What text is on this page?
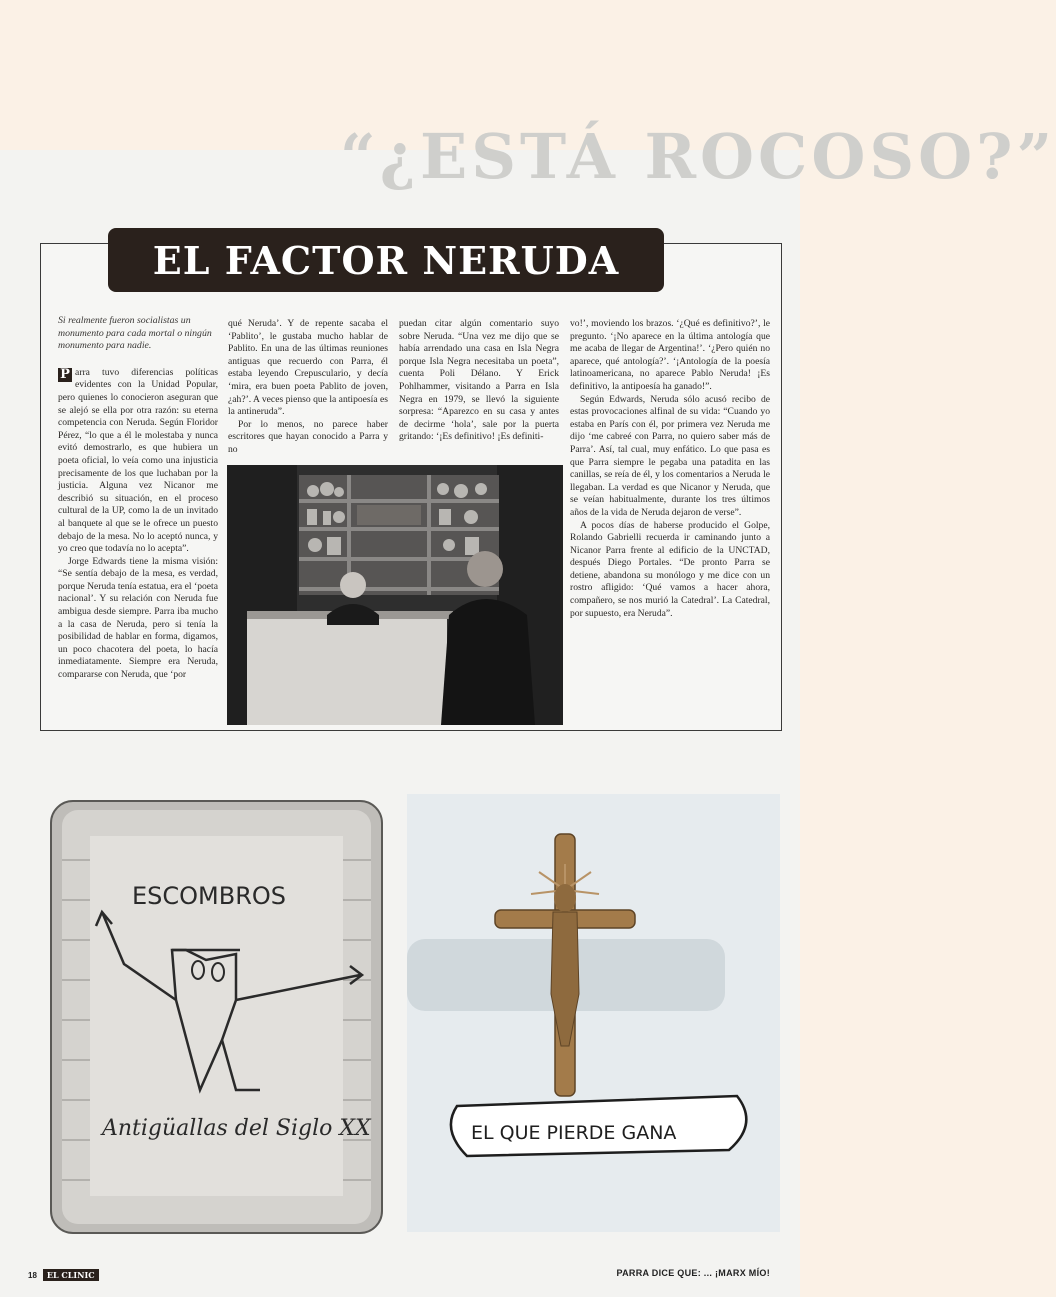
“¿ESTÁ ROCOSO?”
EL FACTOR NERUDA
Si realmente fueron socialistas un monumento para cada mortal o ningún monumento para nadie.

P arra tuvo diferencias políticas evidentes con la Unidad Popular, pero quienes lo conocieron aseguran que se alejó se ella por otra razón: su eterna competencia con Neruda. Según Floridor Pérez, “lo que a él le molestaba y nunca evitó demostrarlo, es que hubiera un poeta oficial, lo veía como una injusticia precisamente de los que luchaban por la justicia. Alguna vez Nicanor me describió su situación, en el proceso cultural de la UP, como la de un invitado al banquete al que se le ofrece un puesto debajo de la mesa. No lo aceptó nunca, y yo creo que todavía no lo acepta”.

Jorge Edwards tiene la misma visión: “Se sentía debajo de la mesa, es verdad, porque Neruda tenía estatua, era el ‘poeta nacional’. Y su relación con Neruda fue ambigua desde siempre. Parra iba mucho a la casa de Neruda, pero si tenía la posibilidad de hablar en forma, digamos, un poco chacotera del poeta, lo hacía inmediatamente. Siempre era Neruda, compararse con Neruda, que ‘por

qué Neruda’. Y de repente sacaba el ‘Pablito’, le gustaba mucho hablar de Pablito. En una de las últimas reuniones antiguas que recuerdo con Parra, él estaba leyendo Crepusculario, y decía ‘mira, era buen poeta Pablito de joven, ¿ah?’. A veces pienso que la antipoesía es la antineruda”.

Por lo menos, no parece haber escritores que hayan conocido a Parra y no

puedan citar algún comentario suyo sobre Neruda. “Una vez me dijo que se había arrendado una casa en Isla Negra porque Isla Negra necesitaba un poeta”, cuenta Poli Délano. Y Erick Pohlhammer, visitando a Parra en Isla Negra en 1979, se llevó la siguiente sorpresa: “Aparezco en su casa y antes de decirme ‘hola’, sale por la puerta gritando: ‘¡Es definitivo! ¡Es definiti-

vo!’, moviendo los brazos. ‘¿Qué es definitivo?’, le pregunto. ‘¡No aparece en la última antología que me acaba de llegar de Argentina!’. ‘¿Pero quién no aparece, qué antología?’. ‘¡Antología de la poesía latinoamericana, no aparece Pablo Neruda! ¡Es definitivo, la antipoesía ha ganado!”.

Según Edwards, Neruda sólo acusó recibo de estas provocaciones alfinal de su vida: “Cuando yo estaba en París con él, por primera vez Neruda me dijo ‘me cabreé con Parra, no quiero saber más de Parra’. Así, tal cual, muy enfático. Lo que pasa es que Parra siempre le pegaba una patadita en las canillas, se reía de él, y los comentarios a Neruda le llegaban. La verdad es que Nicanor y Neruda, que se veían habitualmente, durante los tres últimos años de la vida de Neruda dejaron de verse”.

A pocos días de haberse producido el Golpe, Rolando Gabrielli recuerda ir caminando junto a Nicanor Parra frente al edificio de la UNCTAD, después Diego Portales. “De pronto Parra se detiene, abandona su monólogo y me dice con un rostro afligido: ‘Qué vamos a hacer ahora, compañero, se nos murió la Catedral’. La Catedral, por supuesto, era Neruda”.

ESCOMBROS
Antigüallas del Siglo XX	EL QUE PIERDE GANA
18	EL CLINIC	PARRA DICE QUE: ... ¡MARX MÍO!
